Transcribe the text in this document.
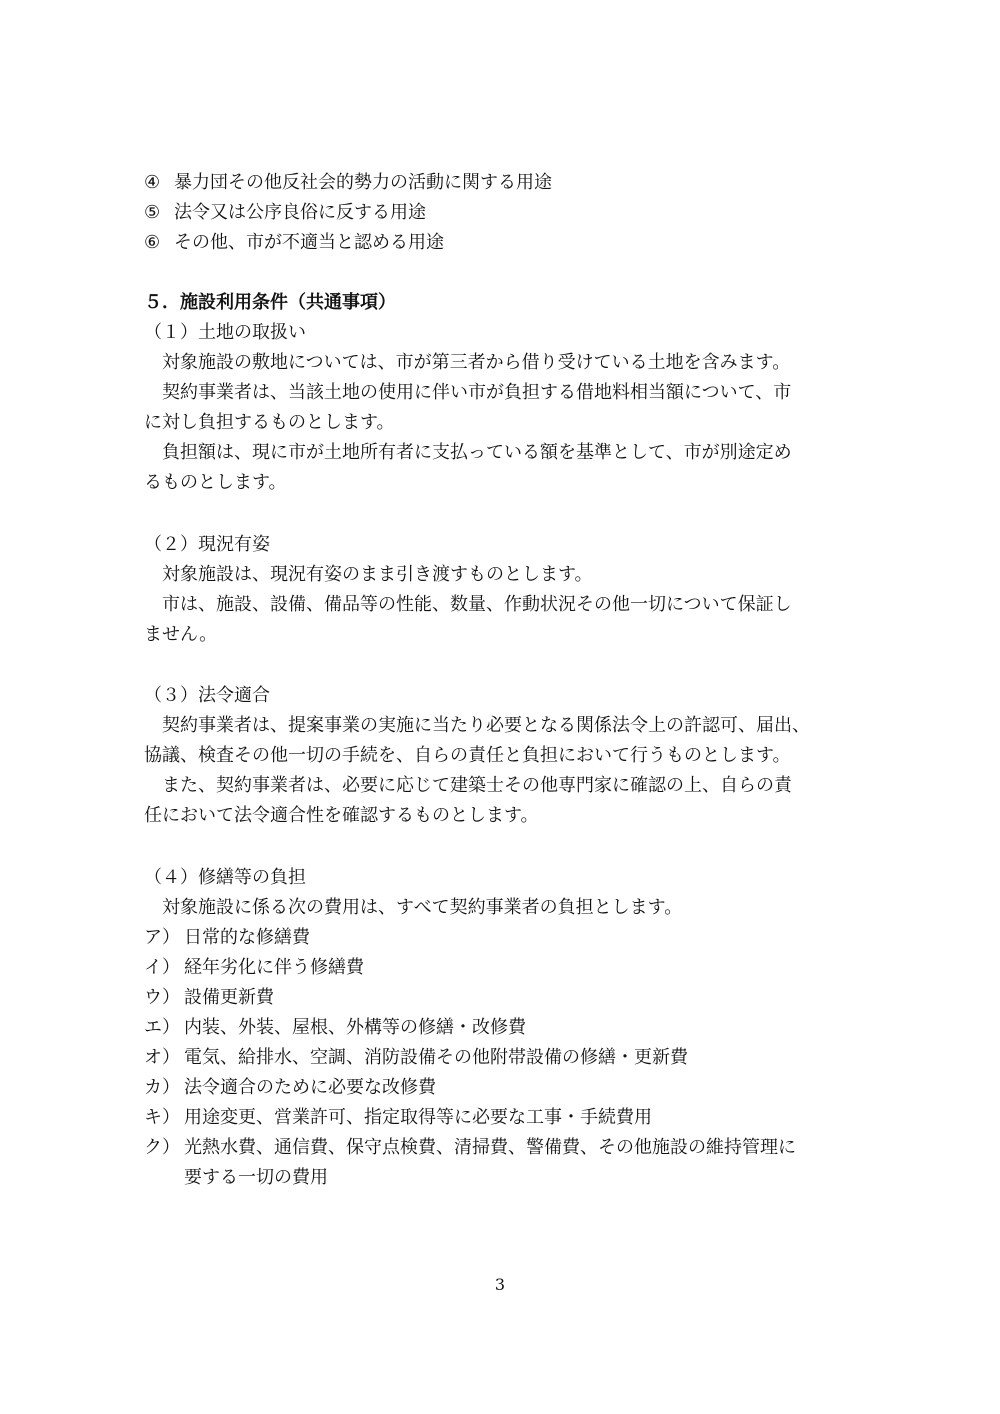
④ 暴力団その他反社会的勢力の活動に関する用途
⑤ 法令又は公序良俗に反する用途
⑥ その他、市が不適当と認める用途
５．施設利用条件（共通事項）
（１）土地の取扱い
対象施設の敷地については、市が第三者から借り受けている土地を含みます。
契約事業者は、当該土地の使用に伴い市が負担する借地料相当額について、市
に対し負担するものとします。
負担額は、現に市が土地所有者に支払っている額を基準として、市が別途定め
るものとします。
（２）現況有姿
対象施設は、現況有姿のまま引き渡すものとします。
市は、施設、設備、備品等の性能、数量、作動状況その他一切について保証し
ません。
（３）法令適合
契約事業者は、提案事業の実施に当たり必要となる関係法令上の許認可、届出、
協議、検査その他一切の手続を、自らの責任と負担において行うものとします。
また、契約事業者は、必要に応じて建築士その他専門家に確認の上、自らの責
任において法令適合性を確認するものとします。
（４）修繕等の負担
対象施設に係る次の費用は、すべて契約事業者の負担とします。
ア） 日常的な修繕費
イ） 経年劣化に伴う修繕費
ウ） 設備更新費
エ） 内装、外装、屋根、外構等の修繕・改修費
オ） 電気、給排水、空調、消防設備その他附帯設備の修繕・更新費
カ） 法令適合のために必要な改修費
キ） 用途変更、営業許可、指定取得等に必要な工事・手続費用
ク） 光熱水費、通信費、保守点検費、清掃費、警備費、その他施設の維持管理に
要する一切の費用
3
